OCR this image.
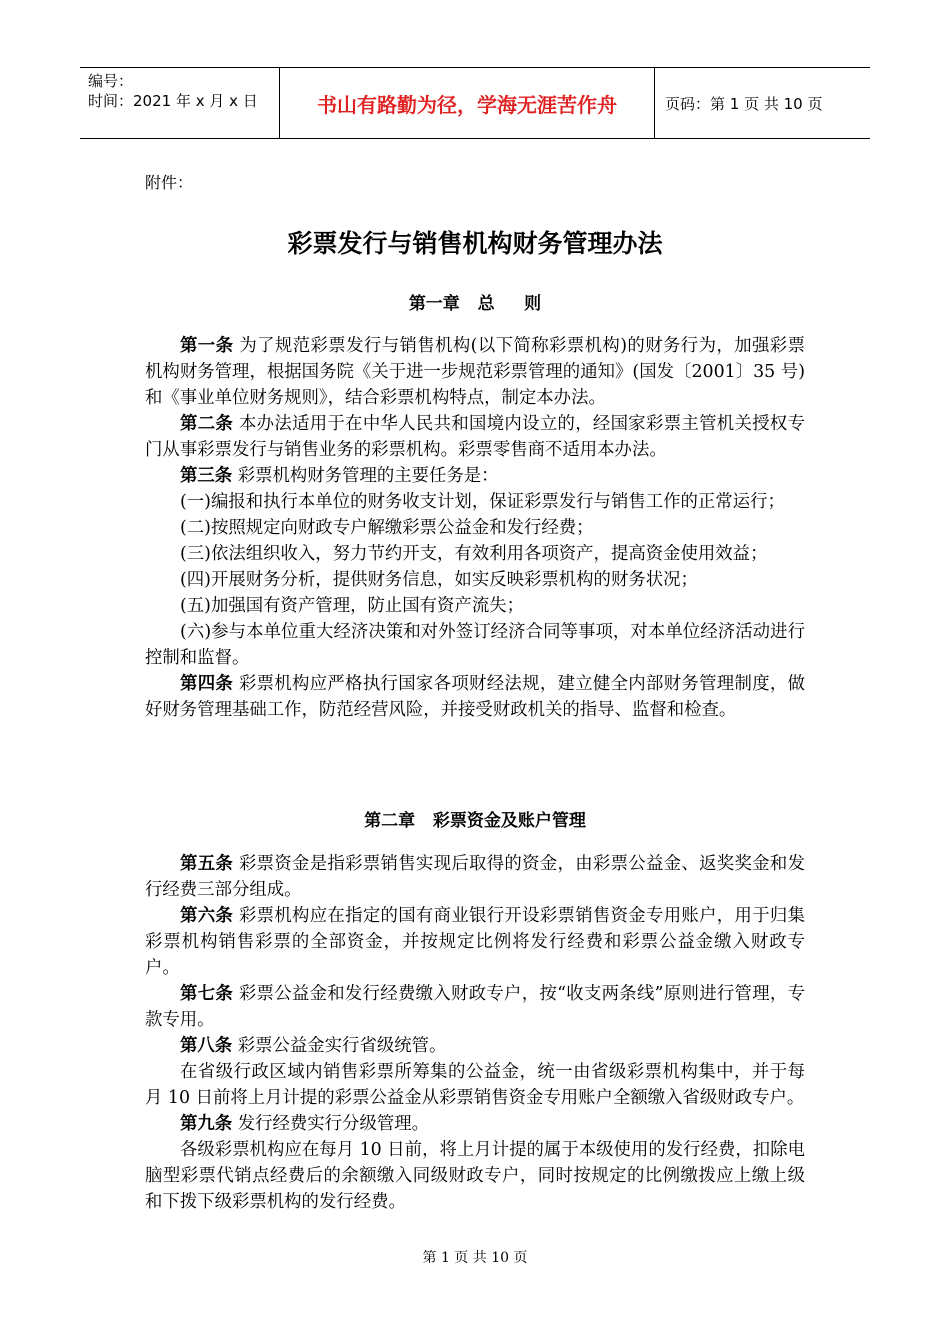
编号：
时间：2021 年 x 月 x 日	书山有路勤为径，学海无涯苦作舟	页码：第 1 页 共 10 页
附件：
彩票发行与销售机构财务管理办法
第一章   总     则

第一条 为了规范彩票发行与销售机构(以下简称彩票机构)的财务行为，加强彩票机构财务管理，根据国务院《关于进一步规范彩票管理的通知》(国发〔2001〕35 号)和《事业单位财务规则》，结合彩票机构特点，制定本办法。

第二条 本办法适用于在中华人民共和国境内设立的，经国家彩票主管机关授权专门从事彩票发行与销售业务的彩票机构。彩票零售商不适用本办法。

第三条 彩票机构财务管理的主要任务是：

(一)编报和执行本单位的财务收支计划，保证彩票发行与销售工作的正常运行；

(二)按照规定向财政专户解缴彩票公益金和发行经费；

(三)依法组织收入，努力节约开支，有效利用各项资产，提高资金使用效益；

(四)开展财务分析，提供财务信息，如实反映彩票机构的财务状况；

(五)加强国有资产管理，防止国有资产流失；

(六)参与本单位重大经济决策和对外签订经济合同等事项，对本单位经济活动进行控制和监督。

第四条 彩票机构应严格执行国家各项财经法规，建立健全内部财务管理制度，做好财务管理基础工作，防范经营风险，并接受财政机关的指导、监督和检查。

第二章   彩票资金及账户管理

第五条 彩票资金是指彩票销售实现后取得的资金，由彩票公益金、返奖奖金和发行经费三部分组成。

第六条 彩票机构应在指定的国有商业银行开设彩票销售资金专用账户，用于归集彩票机构销售彩票的全部资金，并按规定比例将发行经费和彩票公益金缴入财政专户。

第七条 彩票公益金和发行经费缴入财政专户，按“收支两条线”原则进行管理，专款专用。

第八条 彩票公益金实行省级统管。

在省级行政区域内销售彩票所筹集的公益金，统一由省级彩票机构集中，并于每月 10 日前将上月计提的彩票公益金从彩票销售资金专用账户全额缴入省级财政专户。

第九条 发行经费实行分级管理。

各级彩票机构应在每月 10 日前，将上月计提的属于本级使用的发行经费，扣除电脑型彩票代销点经费后的余额缴入同级财政专户，同时按规定的比例缴拨应上缴上级和下拨下级彩票机构的发行经费。

第 1 页 共 10 页
